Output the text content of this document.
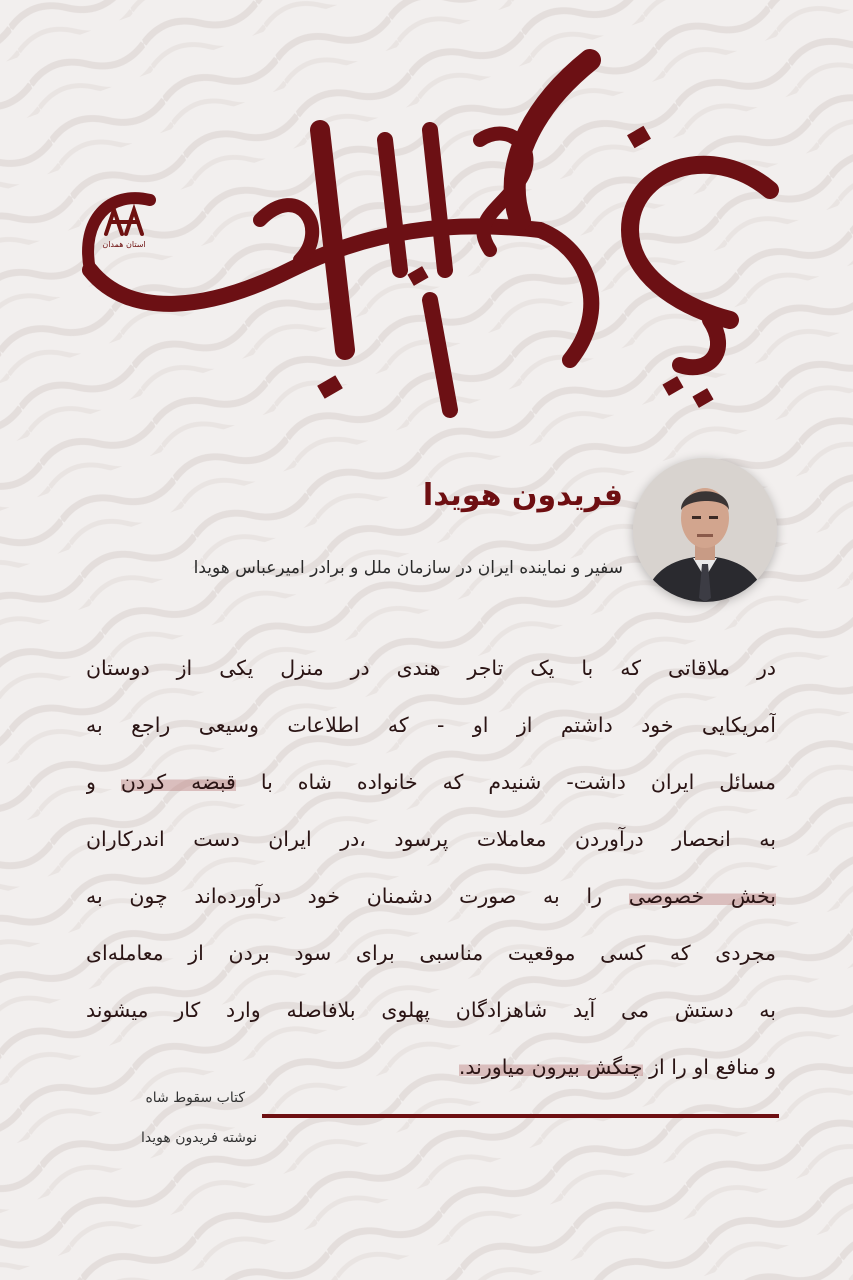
استان همدان
فریدون هویدا
سفیر و نماینده ایران در سازمان ملل و برادر امیرعباس هویدا
در ملاقاتی که با یک تاجر هندی در منزل یکی از دوستان
آمریکایی خود داشتم از او - که اطلاعات وسیعی راجع به
مسائل ایران داشت- شنیدم که خانواده شاه با قبضه کردن و
به انحصار درآوردن معاملات پرسود ،در ایران دست اندرکاران
بخش خصوصی را به صورت دشمنان خود درآورده‌اند چون به
مجردی که کسی موقعیت مناسبی برای سود بردن از معامله‌ای
به دستش می آید شاهزادگان پهلوی بلافاصله وارد کار میشوند
و منافع او را از چنگش بیرون میاورند.
کتاب سقوط شاه
نوشته فریدون هویدا
